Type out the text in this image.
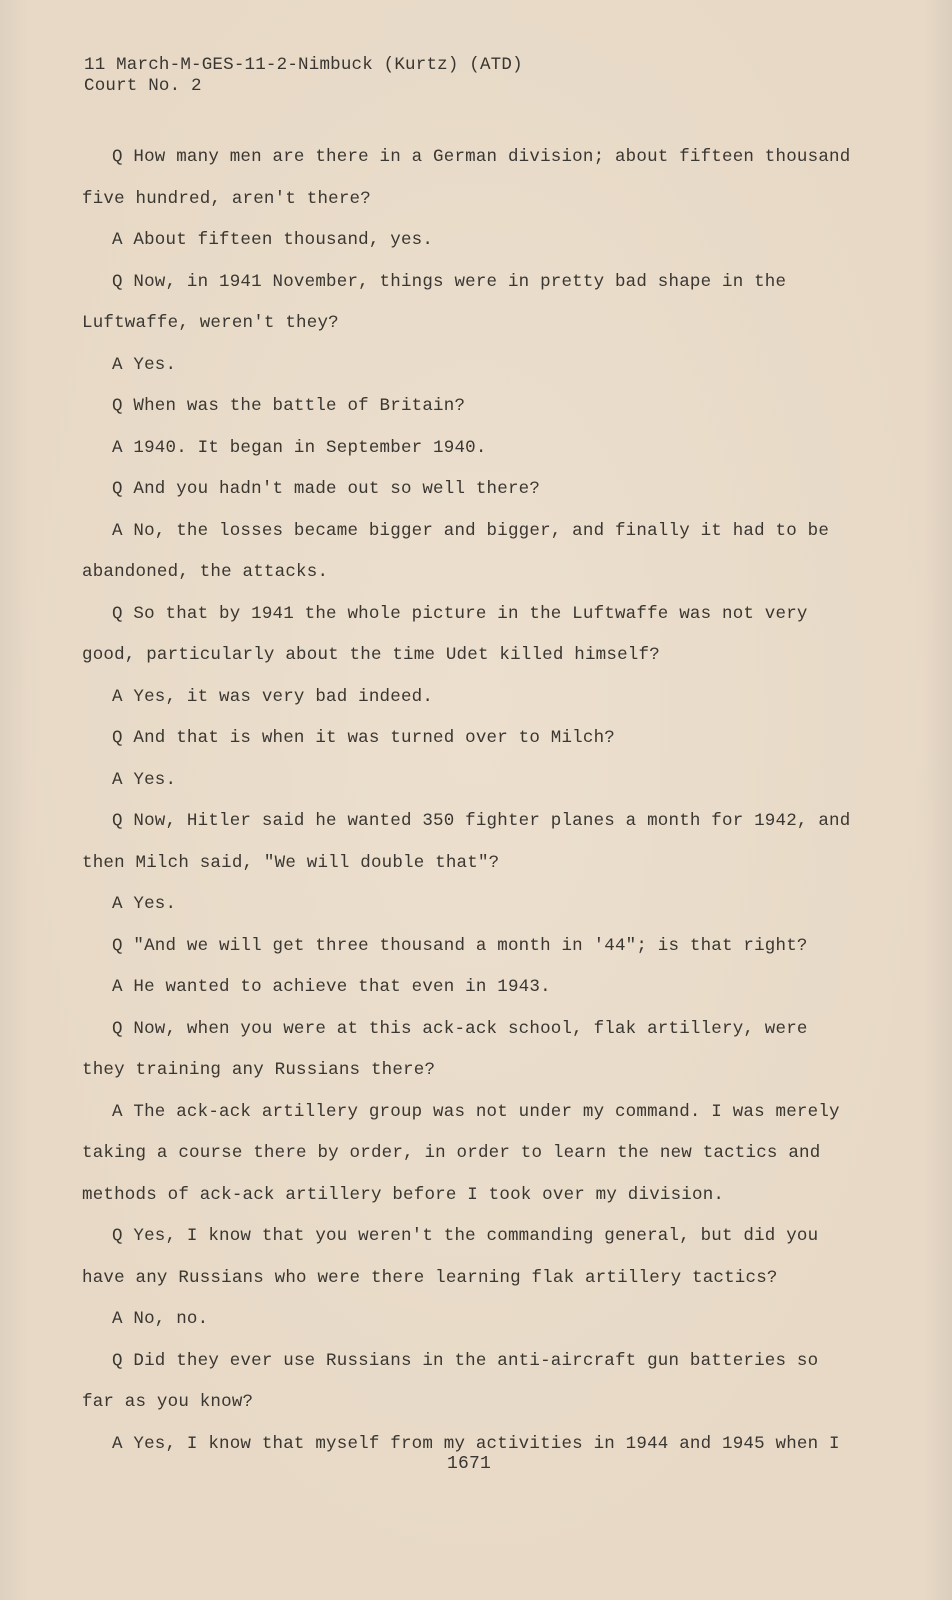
11 March-M-GES-11-2-Nimbuck (Kurtz) (ATD)
Court No. 2

Q How many men are there in a German division; about fifteen thousand five hundred, aren't there?

A About fifteen thousand, yes.

Q Now, in 1941 November, things were in pretty bad shape in the Luftwaffe, weren't they?

A Yes.

Q When was the battle of Britain?

A 1940. It began in September 1940.

Q And you hadn't made out so well there?

A No, the losses became bigger and bigger, and finally it had to be abandoned, the attacks.

Q So that by 1941 the whole picture in the Luftwaffe was not very good, particularly about the time Udet killed himself?

A Yes, it was very bad indeed.

Q And that is when it was turned over to Milch?

A Yes.

Q Now, Hitler said he wanted 350 fighter planes a month for 1942, and then Milch said, "We will double that"?

A Yes.

Q "And we will get three thousand a month in '44"; is that right?

A He wanted to achieve that even in 1943.

Q Now, when you were at this ack-ack school, flak artillery, were they training any Russians there?

A The ack-ack artillery group was not under my command. I was merely taking a course there by order, in order to learn the new tactics and methods of ack-ack artillery before I took over my division.

Q Yes, I know that you weren't the commanding general, but did you have any Russians who were there learning flak artillery tactics?

A No, no.

Q Did they ever use Russians in the anti-aircraft gun batteries so far as you know?

A Yes, I know that myself from my activities in 1944 and 1945 when I

1671
